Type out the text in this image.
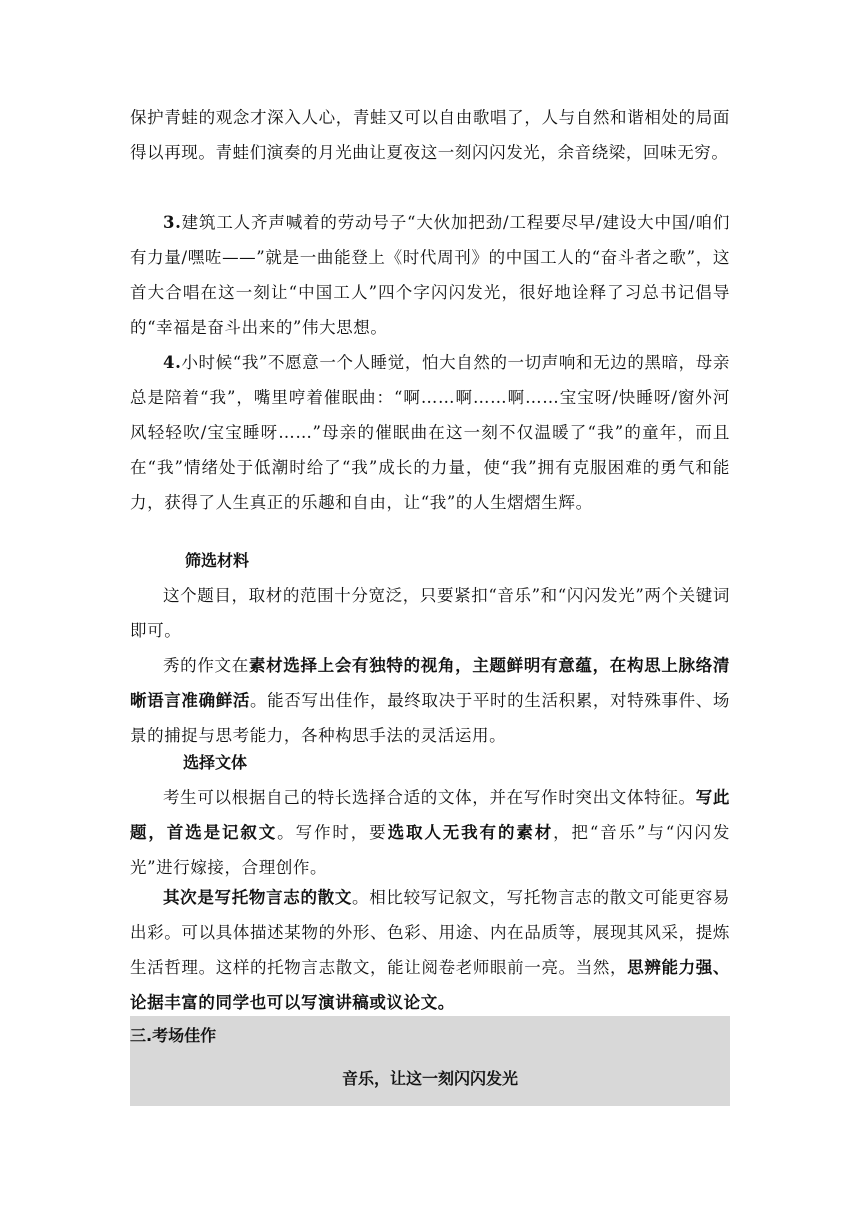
保护青蛙的观念才深入人心，青蛙又可以自由歌唱了，人与自然和谐相处的局面得以再现。青蛙们演奏的月光曲让夏夜这一刻闪闪发光，余音绕梁，回味无穷。
3.建筑工人齐声喊着的劳动号子“大伙加把劲/工程要尽早/建设大中国/咱们有力量/嘿咗——”就是一曲能登上《时代周刊》的中国工人的“奋斗者之歌”，这首大合唱在这一刻让“中国工人”四个字闪闪发光，很好地诠释了习总书记倡导的“幸福是奋斗出来的”伟大思想。
4.小时候“我”不愿意一个人睡觉，怕大自然的一切声响和无边的黑暗，母亲总是陪着“我”，嘴里哼着催眠曲：“啊……啊……啊……宝宝呀/快睡呀/窗外河风轻轻吹/宝宝睡呀……”母亲的催眠曲在这一刻不仅温暖了“我”的童年，而且在“我”情绪处于低潮时给了“我”成长的力量，使“我”拥有克服困难的勇气和能力，获得了人生真正的乐趣和自由，让“我”的人生熠熠生辉。
筛选材料
这个题目，取材的范围十分宽泛，只要紧扣“音乐”和“闪闪发光”两个关键词即可。
秀的作文在素材选择上会有独特的视角，主题鲜明有意蕴，在构思上脉络清晰语言准确鲜活。能否写出佳作，最终取决于平时的生活积累，对特殊事件、场景的捕捉与思考能力，各种构思手法的灵活运用。
选择文体
考生可以根据自己的特长选择合适的文体，并在写作时突出文体特征。写此题，首选是记叙文。写作时，要选取人无我有的素材，把“音乐”与“闪闪发光”进行嫁接，合理创作。
其次是写托物言志的散文。相比较写记叙文，写托物言志的散文可能更容易出彩。可以具体描述某物的外形、色彩、用途、内在品质等，展现其风采，提炼生活哲理。这样的托物言志散文，能让阅卷老师眼前一亮。当然，思辨能力强、论据丰富的同学也可以写演讲稿或议论文。
三.考场佳作
音乐，让这一刻闪闪发光
